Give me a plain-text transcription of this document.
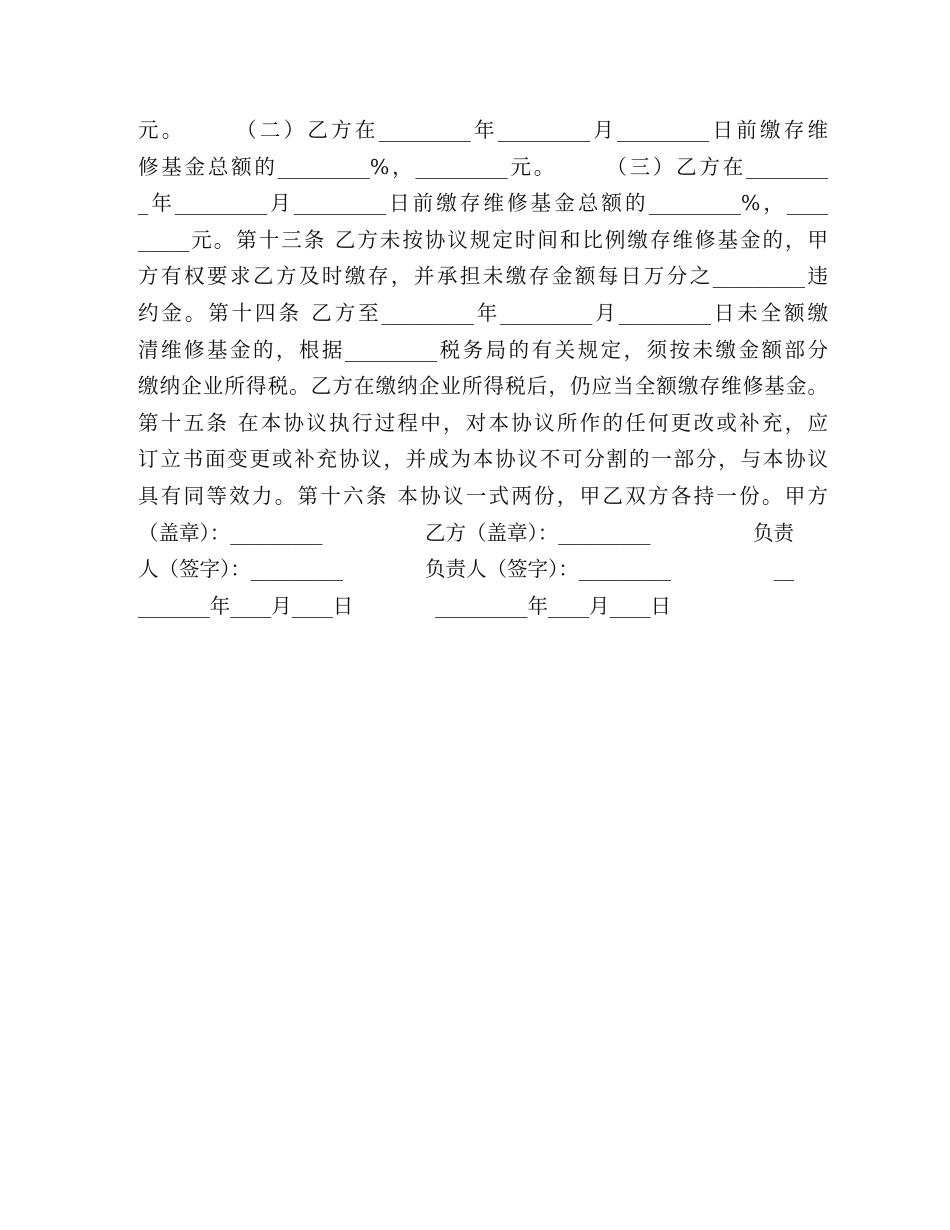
元。　　　（二）乙方在_________年_________月_________日前缴存维

修基金总额的_________%，_________元。　　　（三）乙方在________

_年_________月_________日前缴存维修基金总额的_________%，____

_____元。第十三条 乙方未按协议规定时间和比例缴存维修基金的，甲

方有权要求乙方及时缴存，并承担未缴存金额每日万分之_________违

约金。第十四条 乙方至_________年_________月_________日未全额缴

清维修基金的，根据_________税务局的有关规定，须按未缴金额部分

缴纳企业所得税。乙方在缴纳企业所得税后，仍应当全额缴存维修基金。

第十五条 在本协议执行过程中，对本协议所作的任何更改或补充，应

订立书面变更或补充协议，并成为本协议不可分割的一部分，与本协议

具有同等效力。第十六条 本协议一式两份，甲乙双方各持一份。甲方

（盖章）：_________　　　　　乙方（盖章）：_________　　　　　负责

人（签字）：_________　　　　负责人（签字）：_________　　　　　__

_______年____月____日　　　　_________年____月____日
